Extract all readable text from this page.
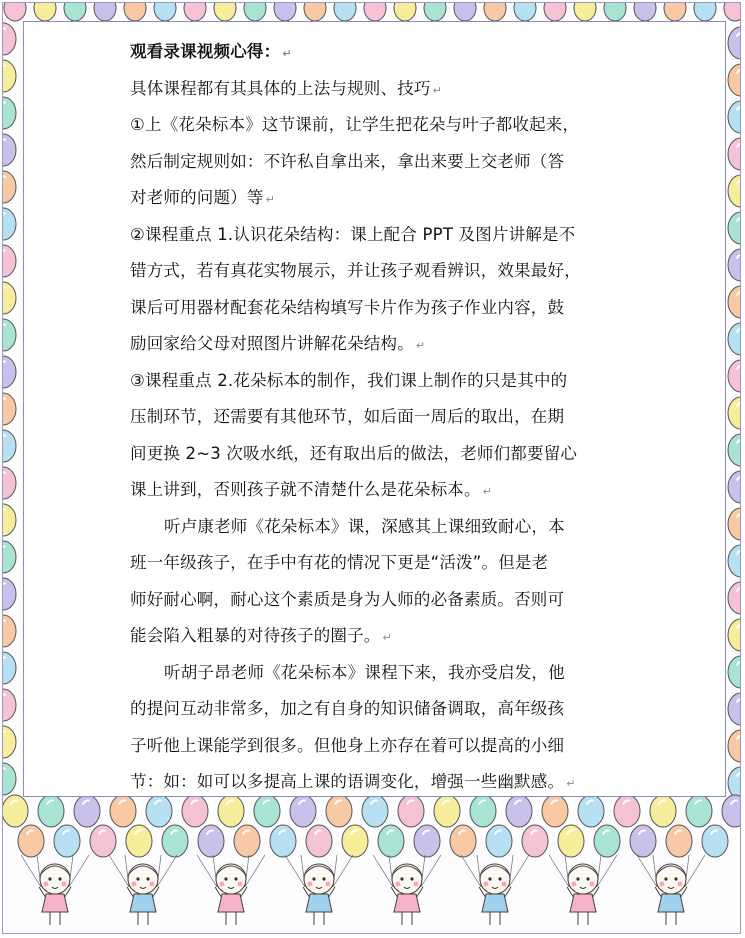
观看录课视频心得： ↵
具体课程都有其具体的上法与规则、技巧 ↵
①上《花朵标本》这节课前，让学生把花朵与叶子都收起来，
然后制定规则如：不许私自拿出来，拿出来要上交老师（答
对老师的问题）等 ↵
②课程重点 1.认识花朵结构：课上配合 PPT 及图片讲解是不
错方式，若有真花实物展示，并让孩子观看辨识，效果最好，
课后可用器材配套花朵结构填写卡片作为孩子作业内容，鼓
励回家给父母对照图片讲解花朵结构。 ↵
③课程重点 2.花朵标本的制作，我们课上制作的只是其中的
压制环节，还需要有其他环节，如后面一周后的取出，在期
间更换 2~3 次吸水纸，还有取出后的做法，老师们都要留心
课上讲到，否则孩子就不清楚什么是花朵标本。 ↵
听卢康老师《花朵标本》课，深感其上课细致耐心，本
班一年级孩子，在手中有花的情况下更是“活泼”。但是老
师好耐心啊，耐心这个素质是身为人师的必备素质。否则可
能会陷入粗暴的对待孩子的圈子。 ↵
听胡子昂老师《花朵标本》课程下来，我亦受启发，他
的提问互动非常多，加之有自身的知识储备调取，高年级孩
子听他上课能学到很多。但他身上亦存在着可以提高的小细
节：如：如可以多提高上课的语调变化，增强一些幽默感。 ↵
